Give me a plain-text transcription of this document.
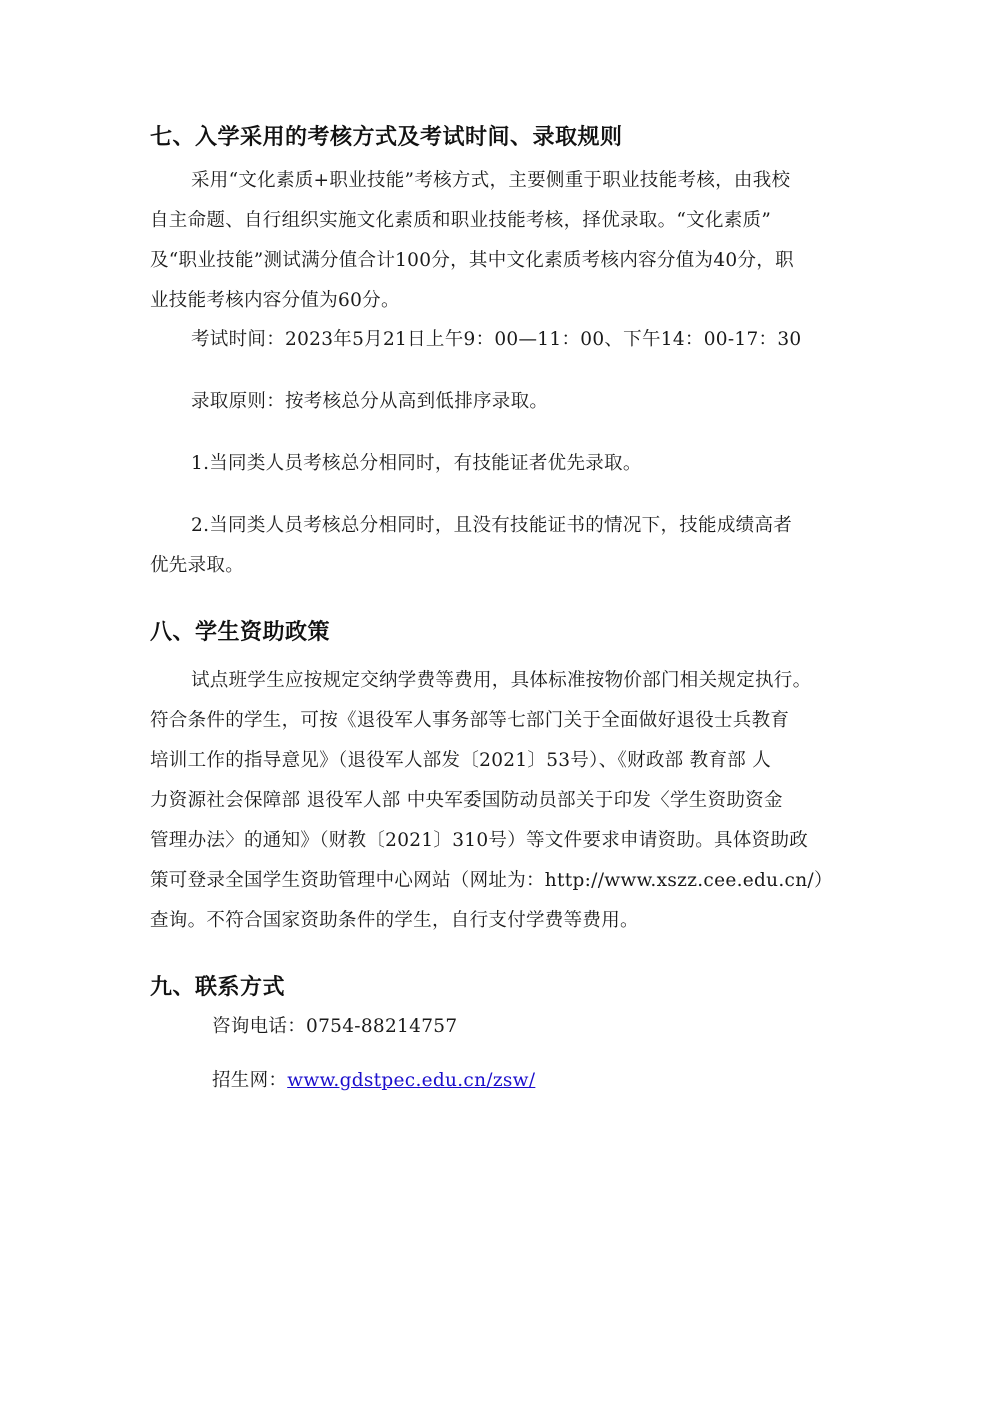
七、入学采用的考核方式及考试时间、录取规则
采用“文化素质+职业技能”考核方式，主要侧重于职业技能考核，由我校
自主命题、自行组织实施文化素质和职业技能考核，择优录取。“文化素质”
及“职业技能”测试满分值合计100分，其中文化素质考核内容分值为40分，职
业技能考核内容分值为60分。
考试时间：2023年5月21日上午9：00—11：00、下午14：00-17：30
录取原则：按考核总分从高到低排序录取。
1.当同类人员考核总分相同时，有技能证者优先录取。
2.当同类人员考核总分相同时，且没有技能证书的情况下，技能成绩高者
优先录取。
八、学生资助政策
试点班学生应按规定交纳学费等费用，具体标准按物价部门相关规定执行。
符合条件的学生，可按《退役军人事务部等七部门关于全面做好退役士兵教育
培训工作的指导意见》（退役军人部发〔2021〕53号）、《财政部 教育部 人
力资源社会保障部 退役军人部 中央军委国防动员部关于印发〈学生资助资金
管理办法〉的通知》（财教〔2021〕310号）等文件要求申请资助。具体资助政
策可登录全国学生资助管理中心网站（网址为：http://www.xszz.cee.edu.cn/）
查询。不符合国家资助条件的学生，自行支付学费等费用。
九、联系方式
咨询电话：0754-88214757
招生网：www.gdstpec.edu.cn/zsw/
